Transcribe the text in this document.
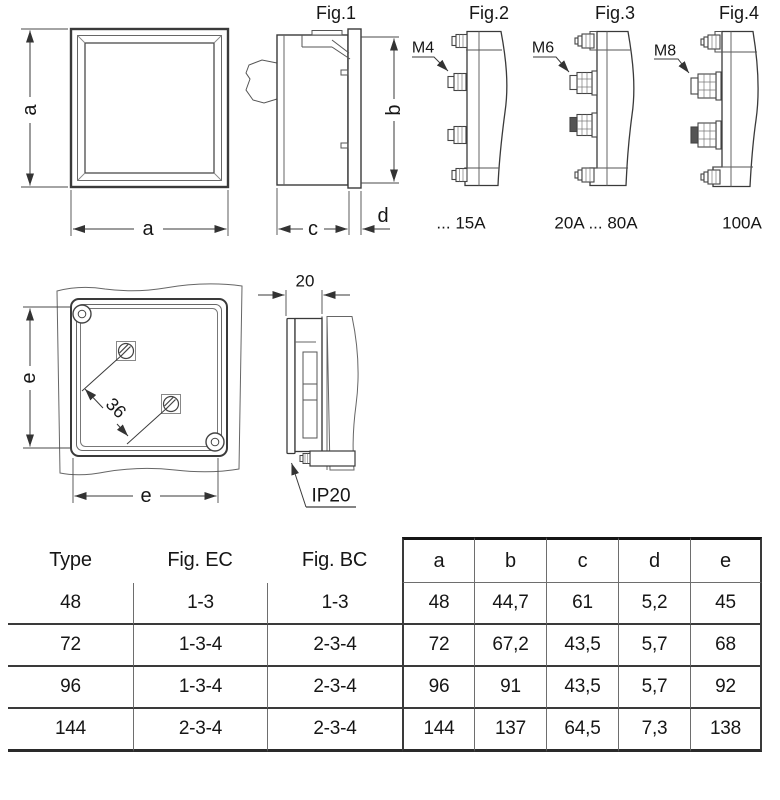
a
a
Fig.1
b
c
d
Fig.2
M4
... 15A
Fig.3
M6
20A ... 80A
Fig.4
M8
100A
36
e
e
20
IP20
Type	Fig. EC	Fig. BC	a	b	c	d	e
48	1-3	1-3	48	44,7	61	5,2	45
72	1-3-4	2-3-4	72	67,2	43,5	5,7	68
96	1-3-4	2-3-4	96	91	43,5	5,7	92
144	2-3-4	2-3-4	144	137	64,5	7,3	138
